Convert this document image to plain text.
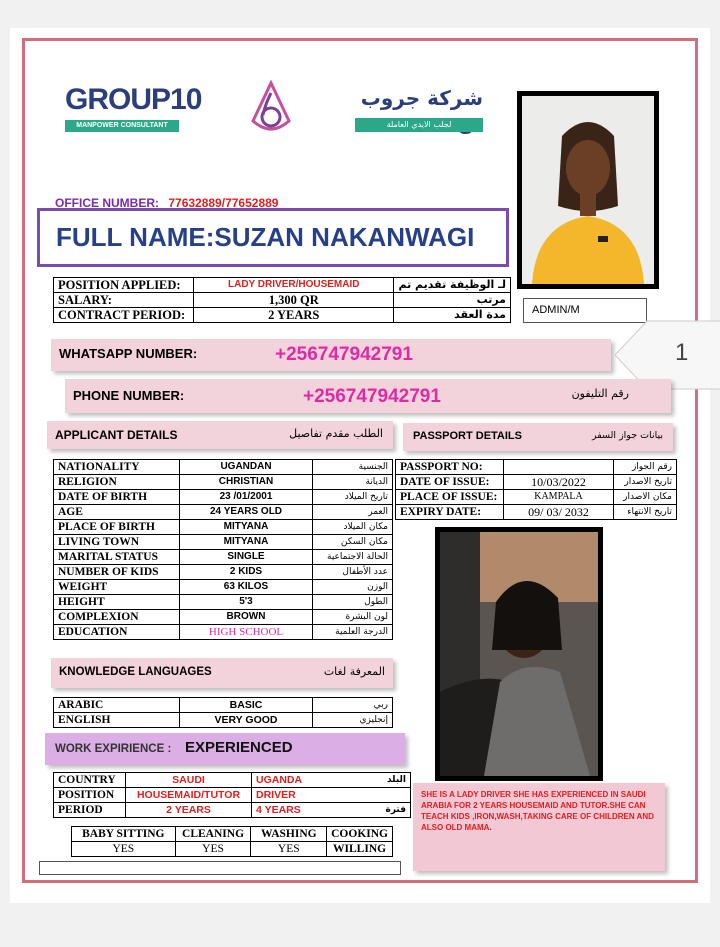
GROUP10
MANPOWER CONSULTANT
شركة جروب
لجلب الايدي العاملة
ADMIN/M
OFFICE NUMBER: 77632889/77652889
FULL NAME:SUZAN NAKANWAGI
POSITION APPLIED:	LADY DRIVER/HOUSEMAID	لـ الوظيفة تقديم تم
SALARY:	1,300 QR	مرتب
CONTRACT PERIOD:	2 YEARS	مدة العقد
WHATSAPP NUMBER:	+256747942791	1
PHONE NUMBER:	+256747942791	رقم التليفون
APPLICANT DETAILS	الطلب مقدم تفاصيل	PASSPORT DETAILS	بيانات جواز السفر
NATIONALITY	UGANDAN	الجنسية
RELIGION	CHRISTIAN	الديانة
DATE OF BIRTH	23 /01/2001	تاريخ الميلاد
AGE	24 YEARS OLD	العمر
PLACE OF BIRTH	MITYANA	مكان الميلاد
LIVING TOWN	MITYANA	مكان السكن
MARITAL STATUS	SINGLE	الحالة الاجتماعية
NUMBER OF KIDS	2 KIDS	عدد الأطفال
WEIGHT	63 KILOS	الوزن
HEIGHT	5'3	الطول
COMPLEXION	BROWN	لون البشرة
EDUCATION	HIGH SCHOOL	الدرجة العلمية
PASSPORT NO:		رقم الجواز
DATE OF ISSUE:	10/03/2022	تاريخ الاصدار
PLACE OF ISSUE:	KAMPALA	مكان الاصدار
EXPIRY DATE:	09/ 03/ 2032	تاريخ الانتهاء
KNOWLEDGE LANGUAGES	المعرفة لغات
ARABIC	BASIC	ربي
ENGLISH	VERY GOOD	إنجليزي
WORK EXPIRIENCE : EXPERIENCED
COUNTRY	SAUDI	UGANDA	البلد
POSITION	HOUSEMAID/TUTOR	DRIVER	
PERIOD	2 YEARS	4 YEARS	فترة
BABY SITTING	CLEANING	WASHING	COOKING
YES	YES	YES	WILLING
SHE IS A LADY DRIVER SHE HAS EXPERIENCED IN SAUDI ARABIA FOR 2 YEARS HOUSEMAID AND TUTOR.SHE CAN TEACH KIDS ,IRON,WASH,TAKING CARE OF CHILDREN AND ALSO OLD MAMA.
